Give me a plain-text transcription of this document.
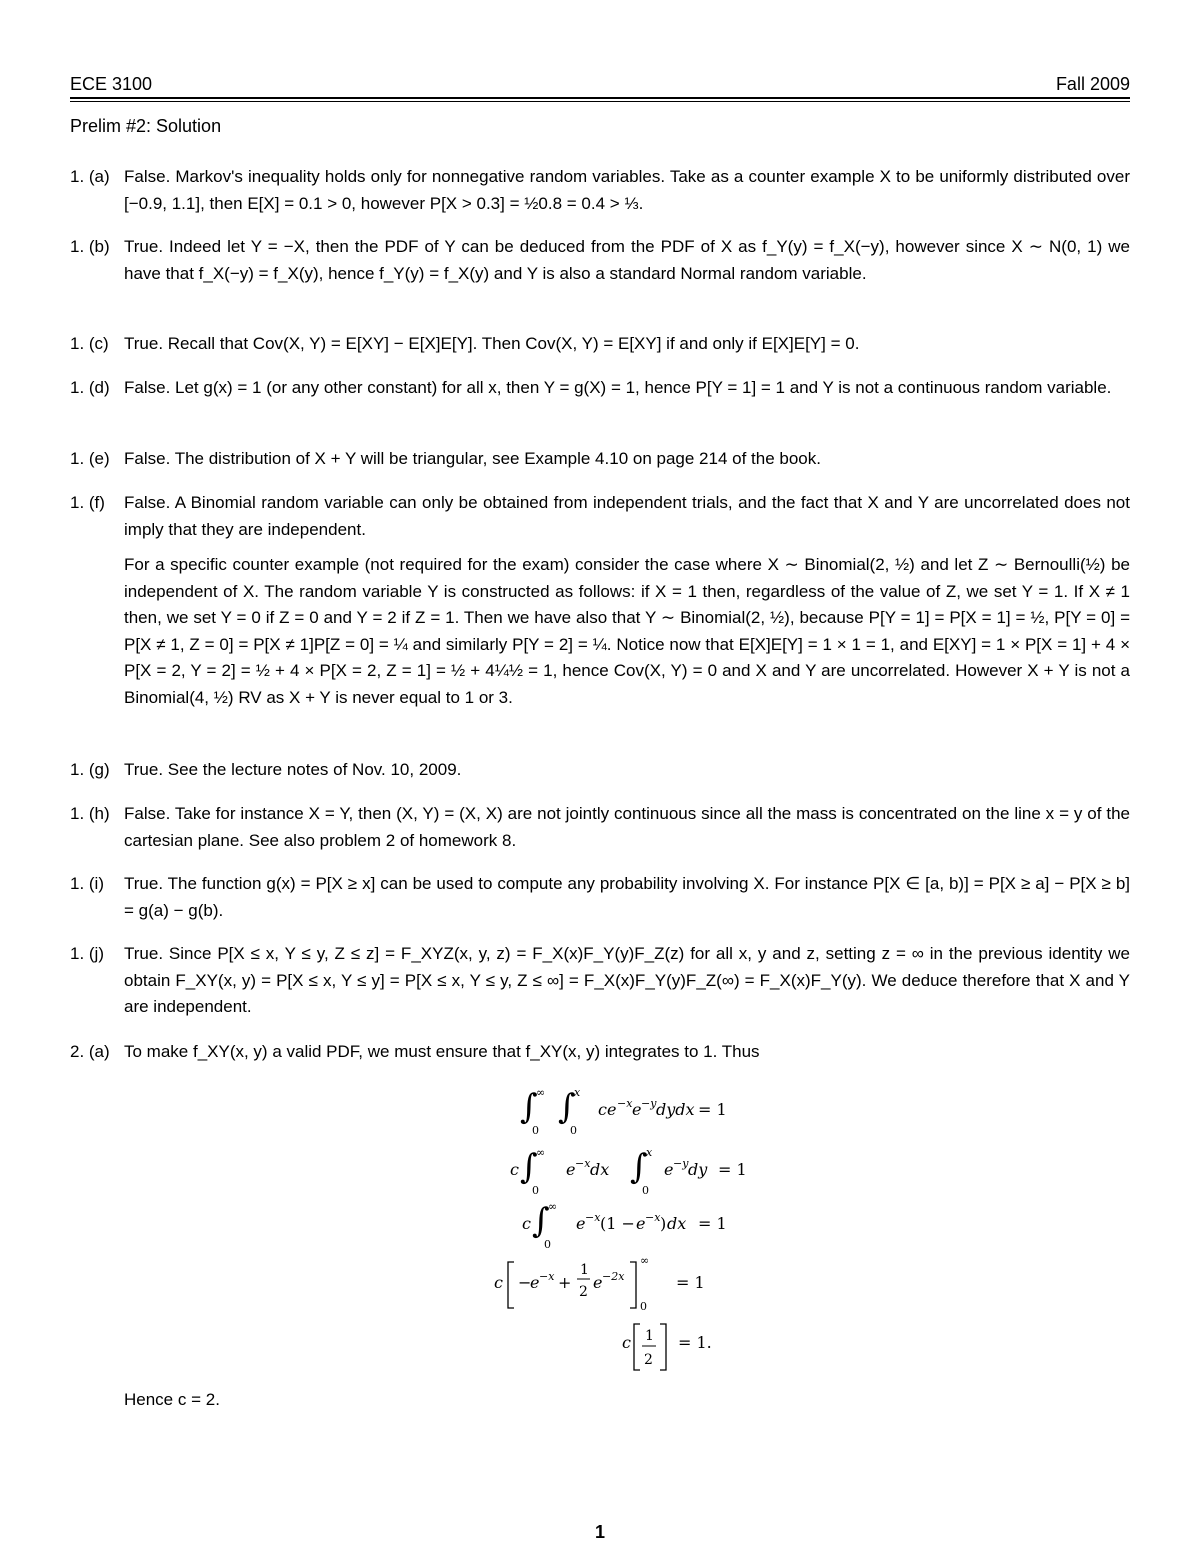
ECE 3100	Fall 2009
Prelim #2: Solution
1. (a) False. Markov's inequality holds only for nonnegative random variables. Take as a counter example X to be uniformly distributed over [−0.9, 1.1], then E[X] = 0.1 > 0, however P[X > 0.3] = ½0.8 = 0.4 > ⅓.
1. (b) True. Indeed let Y = −X, then the PDF of Y can be deduced from the PDF of X as f_Y(y) = f_X(−y), however since X ∼ N(0, 1) we have that f_X(−y) = f_X(y), hence f_Y(y) = f_X(y) and Y is also a standard Normal random variable.
1. (c) True. Recall that Cov(X, Y) = E[XY] − E[X]E[Y]. Then Cov(X, Y) = E[XY] if and only if E[X]E[Y] = 0.
1. (d) False. Let g(x) = 1 (or any other constant) for all x, then Y = g(X) = 1, hence P[Y = 1] = 1 and Y is not a continuous random variable.
1. (e) False. The distribution of X + Y will be triangular, see Example 4.10 on page 214 of the book.
1. (f) False. A Binomial random variable can only be obtained from independent trials, and the fact that X and Y are uncorrelated does not imply that they are independent.
For a specific counter example (not required for the exam) consider the case where X ∼ Binomial(2, ½) and let Z ∼ Bernoulli(½) be independent of X. The random variable Y is constructed as follows: if X = 1 then, regardless of the value of Z, we set Y = 1. If X ≠ 1 then, we set Y = 0 if Z = 0 and Y = 2 if Z = 1. Then we have also that Y ∼ Binomial(2, ½), because P[Y = 1] = P[X = 1] = ½, P[Y = 0] = P[X ≠ 1, Z = 0] = P[X ≠ 1]P[Z = 0] = ¼ and similarly P[Y = 2] = ¼. Notice now that E[X]E[Y] = 1 × 1 = 1, and E[XY] = 1 × P[X = 1] + 4 × P[X = 2, Y = 2] = ½ + 4 × P[X = 2, Z = 1] = ½ + 4¼½ = 1, hence Cov(X, Y) = 0 and X and Y are uncorrelated. However X + Y is not a Binomial(4, ½) RV as X + Y is never equal to 1 or 3.
1. (g) True. See the lecture notes of Nov. 10, 2009.
1. (h) False. Take for instance X = Y, then (X, Y) = (X, X) are not jointly continuous since all the mass is concentrated on the line x = y of the cartesian plane. See also problem 2 of homework 8.
1. (i) True. The function g(x) = P[X ≥ x] can be used to compute any probability involving X. For instance P[X ∈ [a, b)] = P[X ≥ a] − P[X ≥ b] = g(a) − g(b).
1. (j) True. Since P[X ≤ x, Y ≤ y, Z ≤ z] = F_XYZ(x, y, z) = F_X(x)F_Y(y)F_Z(z) for all x, y and z, setting z = ∞ in the previous identity we obtain F_XY(x, y) = P[X ≤ x, Y ≤ y] = P[X ≤ x, Y ≤ y, Z ≤ ∞] = F_X(x)F_Y(y)F_Z(∞) = F_X(x)F_Y(y). We deduce therefore that X and Y are independent.
2. (a) To make f_XY(x, y) a valid PDF, we must ensure that f_XY(x, y) integrates to 1. Thus
∫
∞
0
∫
x
0
ce −x e −y dydx = 1
c ∫
∞
0
e −x dx ∫
x
0
e −y dy = 1
c ∫
∞
0
e −x (1 − e −x ) dx = 1
c −
e −x +
1
2 e −2x
∞
0
= 1
c 1
2
= 1.
Hence c = 2.
1
